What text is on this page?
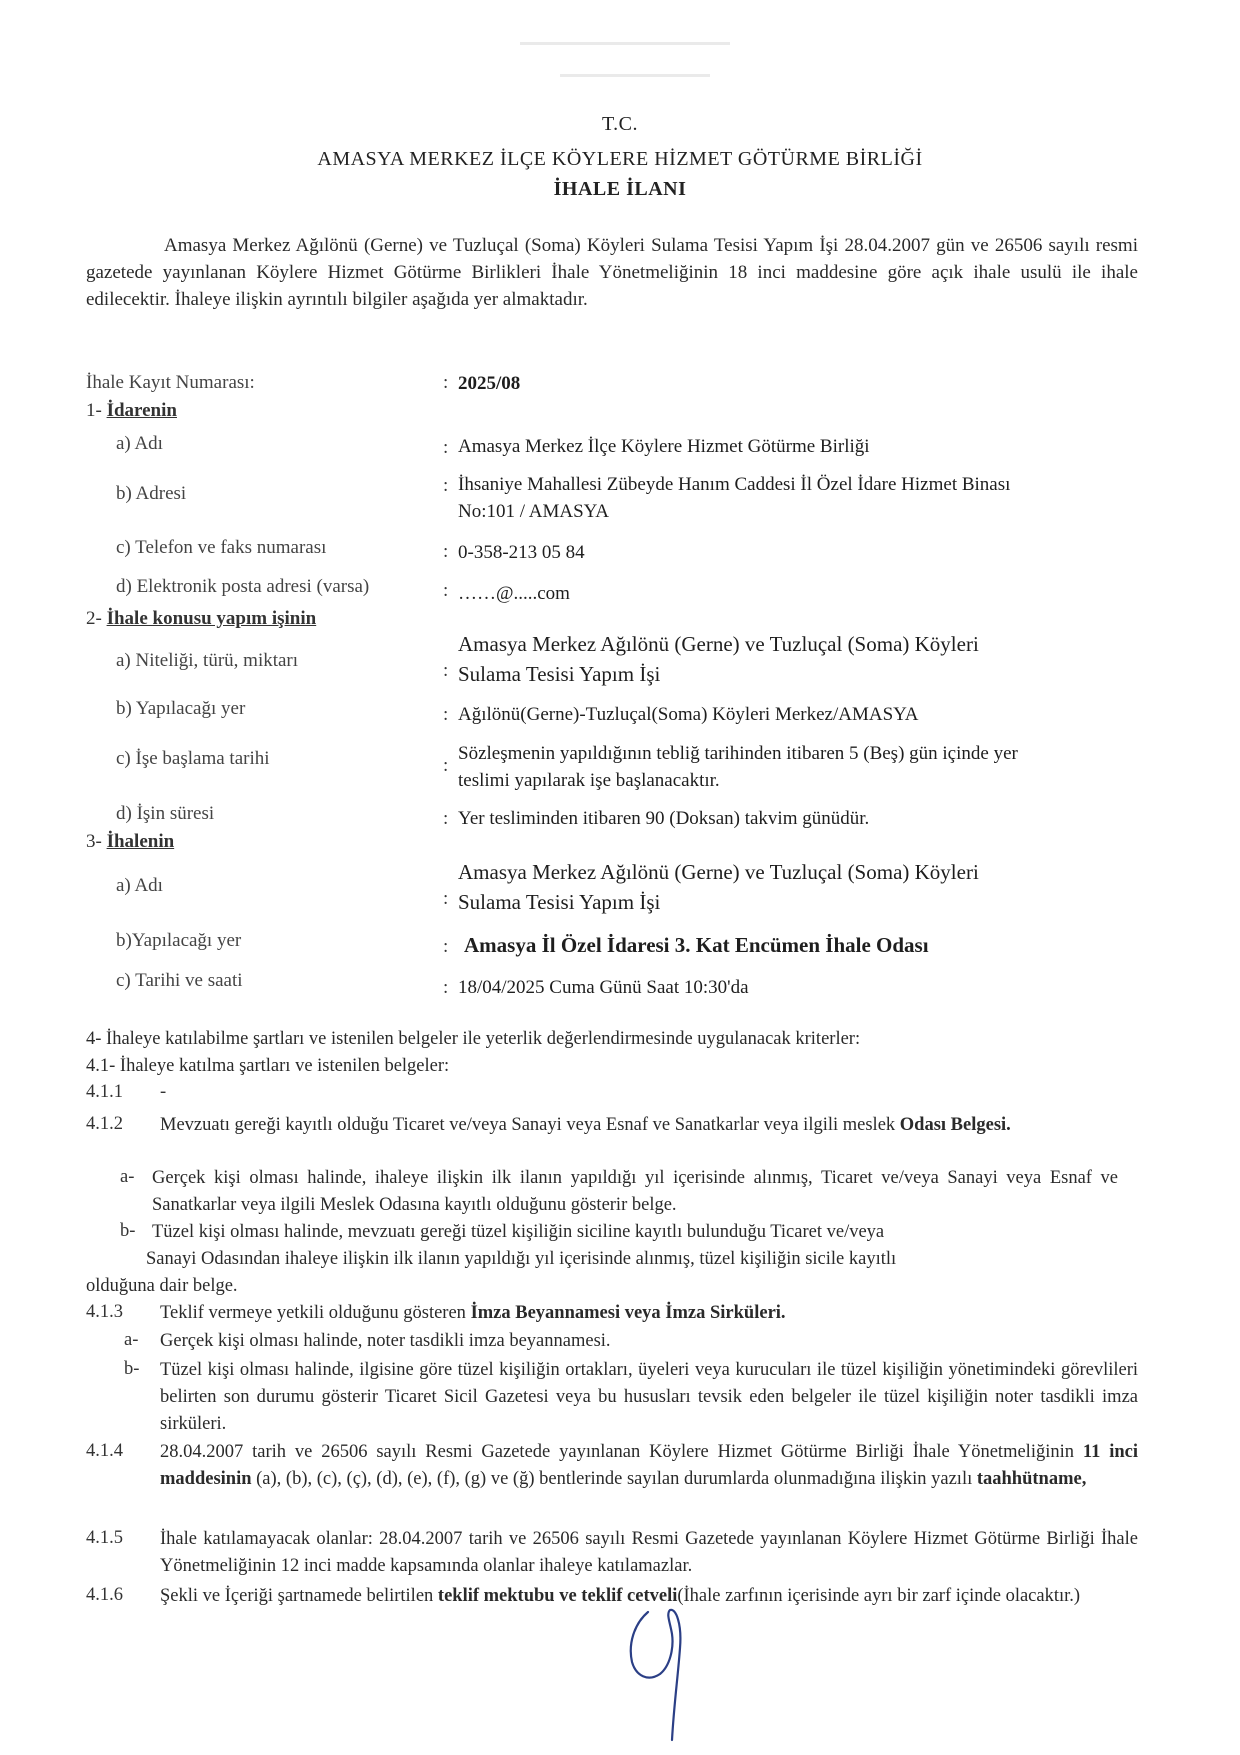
T.C.
AMASYA MERKEZ İLÇE KÖYLERE HİZMET GÖTÜRME BİRLİĞİ
İHALE İLANI

Amasya Merkez Ağılönü (Gerne) ve Tuzluçal (Soma) Köyleri Sulama Tesisi Yapım İşi 28.04.2007 gün ve 26506 sayılı resmi gazetede yayınlanan Köylere Hizmet Götürme Birlikleri İhale Yönetmeliğinin 18 inci maddesine göre açık ihale usulü ile ihale edilecektir. İhaleye ilişkin ayrıntılı bilgiler aşağıda yer almaktadır.

İhale Kayıt Numarası:	: 2025/08
1- İdarenin
a) Adı	: Amasya Merkez İlçe Köylere Hizmet Götürme Birliği
b) Adresi	: İhsaniye Mahallesi Zübeyde Hanım Caddesi İl Özel İdare Hizmet Binası No:101 / AMASYA
c) Telefon ve faks numarası	: 0-358-213 05 84
d) Elektronik posta adresi (varsa)	: ……@.....com
2- İhale konusu yapım işinin
a) Niteliği, türü, miktarı	:
Amasya Merkez Ağılönü (Gerne) ve Tuzluçal (Soma) Köyleri Sulama Tesisi Yapım İşi
b) Yapılacağı yer	: Ağılönü(Gerne)-Tuzluçal(Soma) Köyleri Merkez/AMASYA
c) İşe başlama tarihi	:
Sözleşmenin yapıldığının tebliğ tarihinden itibaren 5 (Beş) gün içinde yer teslimi yapılarak işe başlanacaktır.
d) İşin süresi	: Yer tesliminden itibaren 90 (Doksan) takvim günüdür.
3- İhalenin
a) Adı
:
Amasya Merkez Ağılönü (Gerne) ve Tuzluçal (Soma) Köyleri Sulama Tesisi Yapım İşi
b)Yapılacağı yer	: Amasya İl Özel İdaresi 3. Kat Encümen İhale Odası
c) Tarihi ve saati	: 18/04/2025 Cuma Günü Saat 10:30'da
4- İhaleye katılabilme şartları ve istenilen belgeler ile yeterlik değerlendirmesinde uygulanacak kriterler:
4.1- İhaleye katılma şartları ve istenilen belgeler:
4.1.1 -
4.1.2 Mevzuatı gereği kayıtlı olduğu Ticaret ve/veya Sanayi veya Esnaf ve Sanatkarlar veya ilgili meslek Odası Belgesi.
a- Gerçek kişi olması halinde, ihaleye ilişkin ilk ilanın yapıldığı yıl içerisinde alınmış, Ticaret ve/veya Sanayi veya Esnaf ve Sanatkarlar veya ilgili Meslek Odasına kayıtlı olduğunu gösterir belge.
b- Tüzel kişi olması halinde, mevzuatı gereği tüzel kişiliğin siciline kayıtlı bulunduğu Ticaret ve/veya
Sanayi Odasından ihaleye ilişkin ilk ilanın yapıldığı yıl içerisinde alınmış, tüzel kişiliğin sicile kayıtlı
olduğuna dair belge.
4.1.3 Teklif vermeye yetkili olduğunu gösteren İmza Beyannamesi veya İmza Sirküleri.
a- Gerçek kişi olması halinde, noter tasdikli imza beyannamesi.
b- Tüzel kişi olması halinde, ilgisine göre tüzel kişiliğin ortakları, üyeleri veya kurucuları ile tüzel kişiliğin yönetimindeki görevlileri belirten son durumu gösterir Ticaret Sicil Gazetesi veya bu hususları tevsik eden belgeler ile tüzel kişiliğin noter tasdikli imza sirküleri.
4.1.4 28.04.2007 tarih ve 26506 sayılı Resmi Gazetede yayınlanan Köylere Hizmet Götürme Birliği İhale Yönetmeliğinin 11 inci maddesinin (a), (b), (c), (ç), (d), (e), (f), (g) ve (ğ) bentlerinde sayılan durumlarda olunmadığına ilişkin yazılı taahhütname,
4.1.5 İhale katılamayacak olanlar: 28.04.2007 tarih ve 26506 sayılı Resmi Gazetede yayınlanan Köylere Hizmet Götürme Birliği İhale Yönetmeliğinin 12 inci madde kapsamında olanlar ihaleye katılamazlar.
4.1.6 Şekli ve İçeriği şartnamede belirtilen teklif mektubu ve teklif cetveli(İhale zarfının içerisinde ayrı bir zarf içinde olacaktır.)
